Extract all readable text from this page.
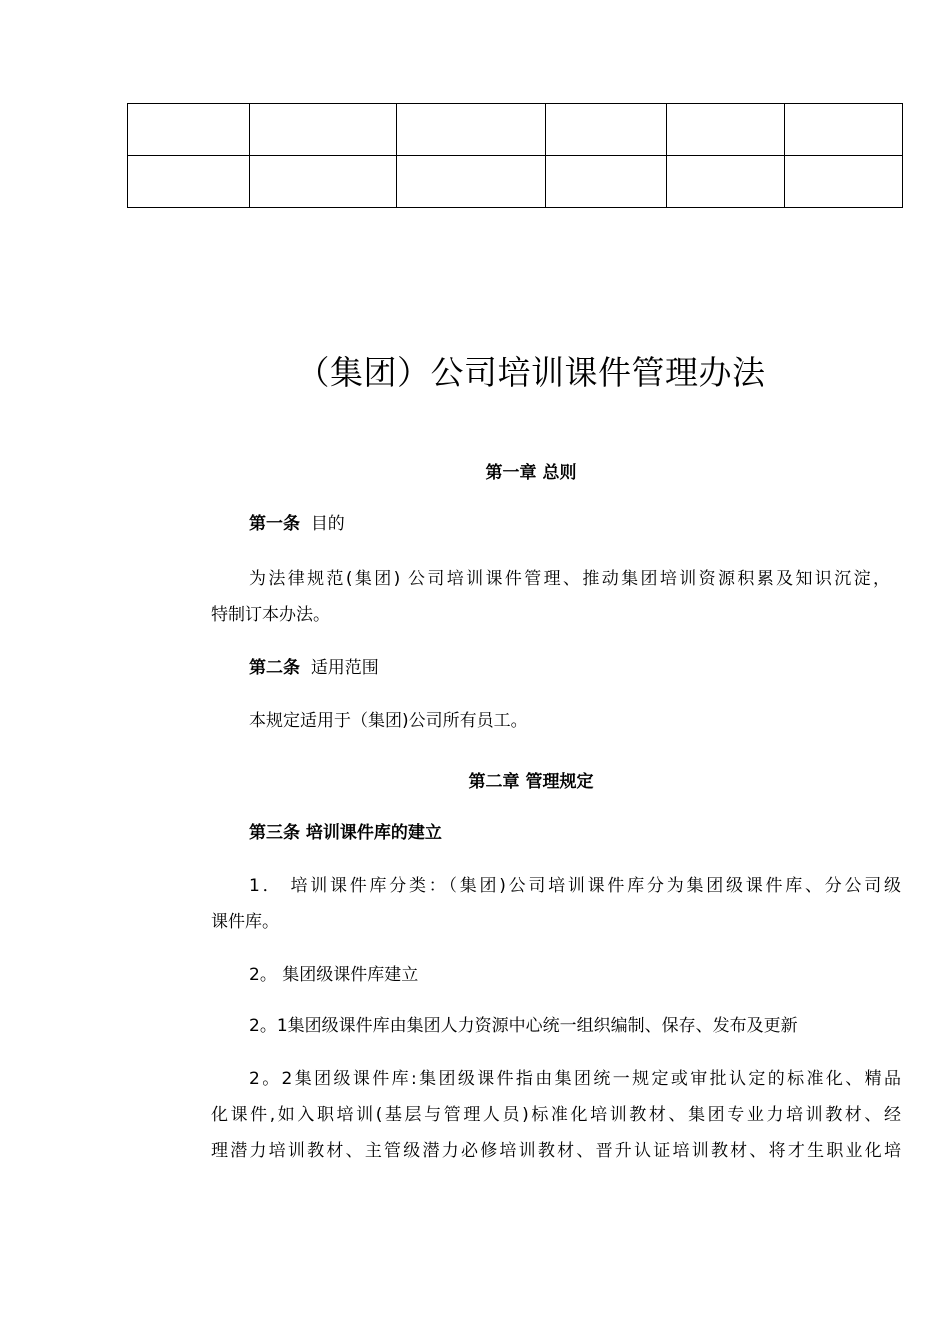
（集团）公司培训课件管理办法
第一章 总则
第一条 目的
为法律规范(集团) 公司培训课件管理、推动集团培训资源积累及知识沉淀，
特制订本办法。
第二条 适用范围
本规定适用于（集团)公司所有员工。
第二章 管理规定
第三条 培训课件库的建立
1． 培训课件库分类：（集团)公司培训课件库分为集团级课件库、分公司级
课件库。
2。 集团级课件库建立
2。1集团级课件库由集团人力资源中心统一组织编制、保存、发布及更新
2。2集团级课件库:集团级课件指由集团统一规定或审批认定的标准化、精品
化课件,如入职培训(基层与管理人员)标准化培训教材、集团专业力培训教材、经
理潜力培训教材、主管级潜力必修培训教材、晋升认证培训教材、将才生职业化培
